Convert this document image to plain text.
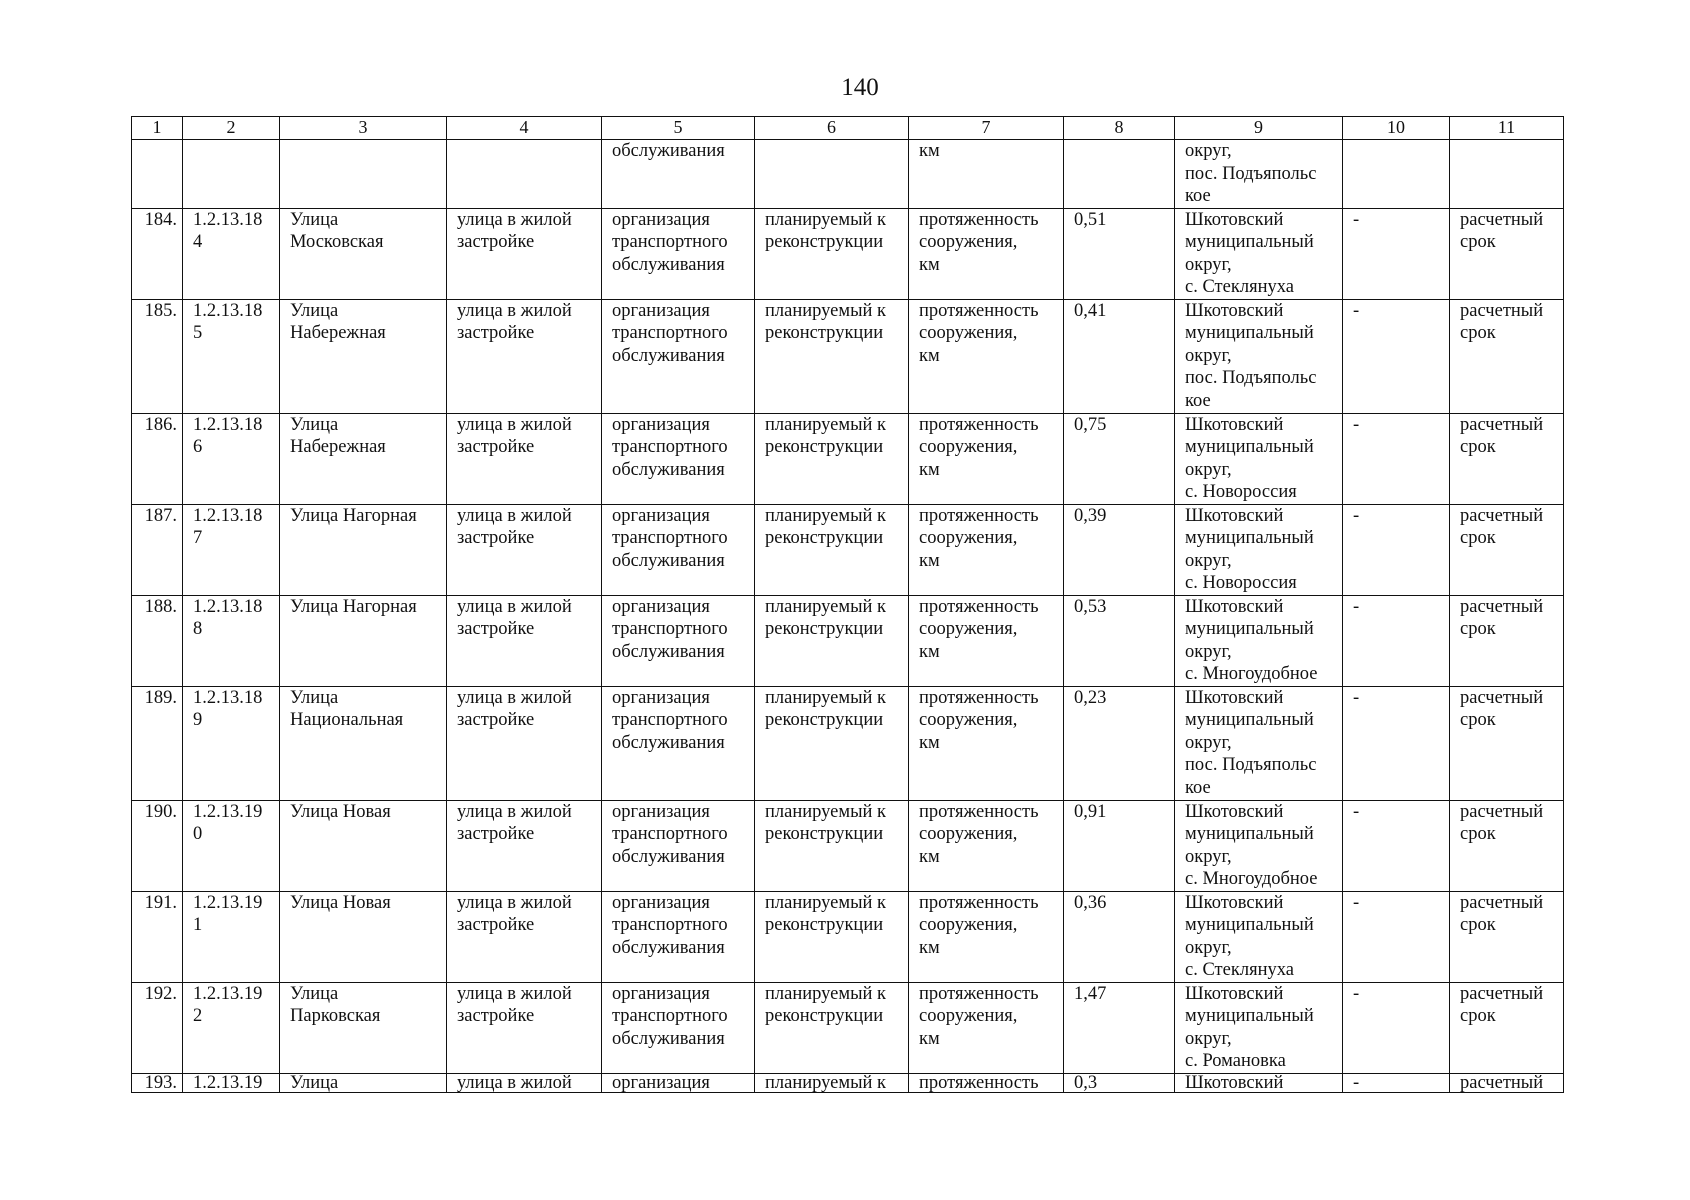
140
1	2	3	4	5	6	7	8	9	10	11

				обслуживания		км		округ,
пос. Подъяпольс
кое		

184.	1.2.13.18
4	Улица
Московская	улица в жилой
застройке	организация
транспортного
обслуживания	планируемый к
реконструкции	протяженность
сооружения,
км	0,51	Шкотовский
муниципальный
округ,
с. Стеклянуха	-	расчетный
срок

185.	1.2.13.18
5	Улица
Набережная	улица в жилой
застройке	организация
транспортного
обслуживания	планируемый к
реконструкции	протяженность
сооружения,
км	0,41	Шкотовский
муниципальный
округ,
пос. Подъяпольс
кое	-	расчетный
срок

186.	1.2.13.18
6	Улица
Набережная	улица в жилой
застройке	организация
транспортного
обслуживания	планируемый к
реконструкции	протяженность
сооружения,
км	0,75	Шкотовский
муниципальный
округ,
с. Новороссия	-	расчетный
срок

187.	1.2.13.18
7	Улица Нагорная	улица в жилой
застройке	организация
транспортного
обслуживания	планируемый к
реконструкции	протяженность
сооружения,
км	0,39	Шкотовский
муниципальный
округ,
с. Новороссия	-	расчетный
срок

188.	1.2.13.18
8	Улица Нагорная	улица в жилой
застройке	организация
транспортного
обслуживания	планируемый к
реконструкции	протяженность
сооружения,
км	0,53	Шкотовский
муниципальный
округ,
с. Многоудобное	-	расчетный
срок

189.	1.2.13.18
9	Улица
Национальная	улица в жилой
застройке	организация
транспортного
обслуживания	планируемый к
реконструкции	протяженность
сооружения,
км	0,23	Шкотовский
муниципальный
округ,
пос. Подъяпольс
кое	-	расчетный
срок

190.	1.2.13.19
0	Улица Новая	улица в жилой
застройке	организация
транспортного
обслуживания	планируемый к
реконструкции	протяженность
сооружения,
км	0,91	Шкотовский
муниципальный
округ,
с. Многоудобное	-	расчетный
срок

191.	1.2.13.19
1	Улица Новая	улица в жилой
застройке	организация
транспортного
обслуживания	планируемый к
реконструкции	протяженность
сооружения,
км	0,36	Шкотовский
муниципальный
округ,
с. Стеклянуха	-	расчетный
срок

192.	1.2.13.19
2	Улица
Парковская	улица в жилой
застройке	организация
транспортного
обслуживания	планируемый к
реконструкции	протяженность
сооружения,
км	1,47	Шкотовский
муниципальный
округ,
с. Романовка	-	расчетный
срок

193.	1.2.13.19	Улица	улица в жилой	организация	планируемый к	протяженность	0,3	Шкотовский	-	расчетный
